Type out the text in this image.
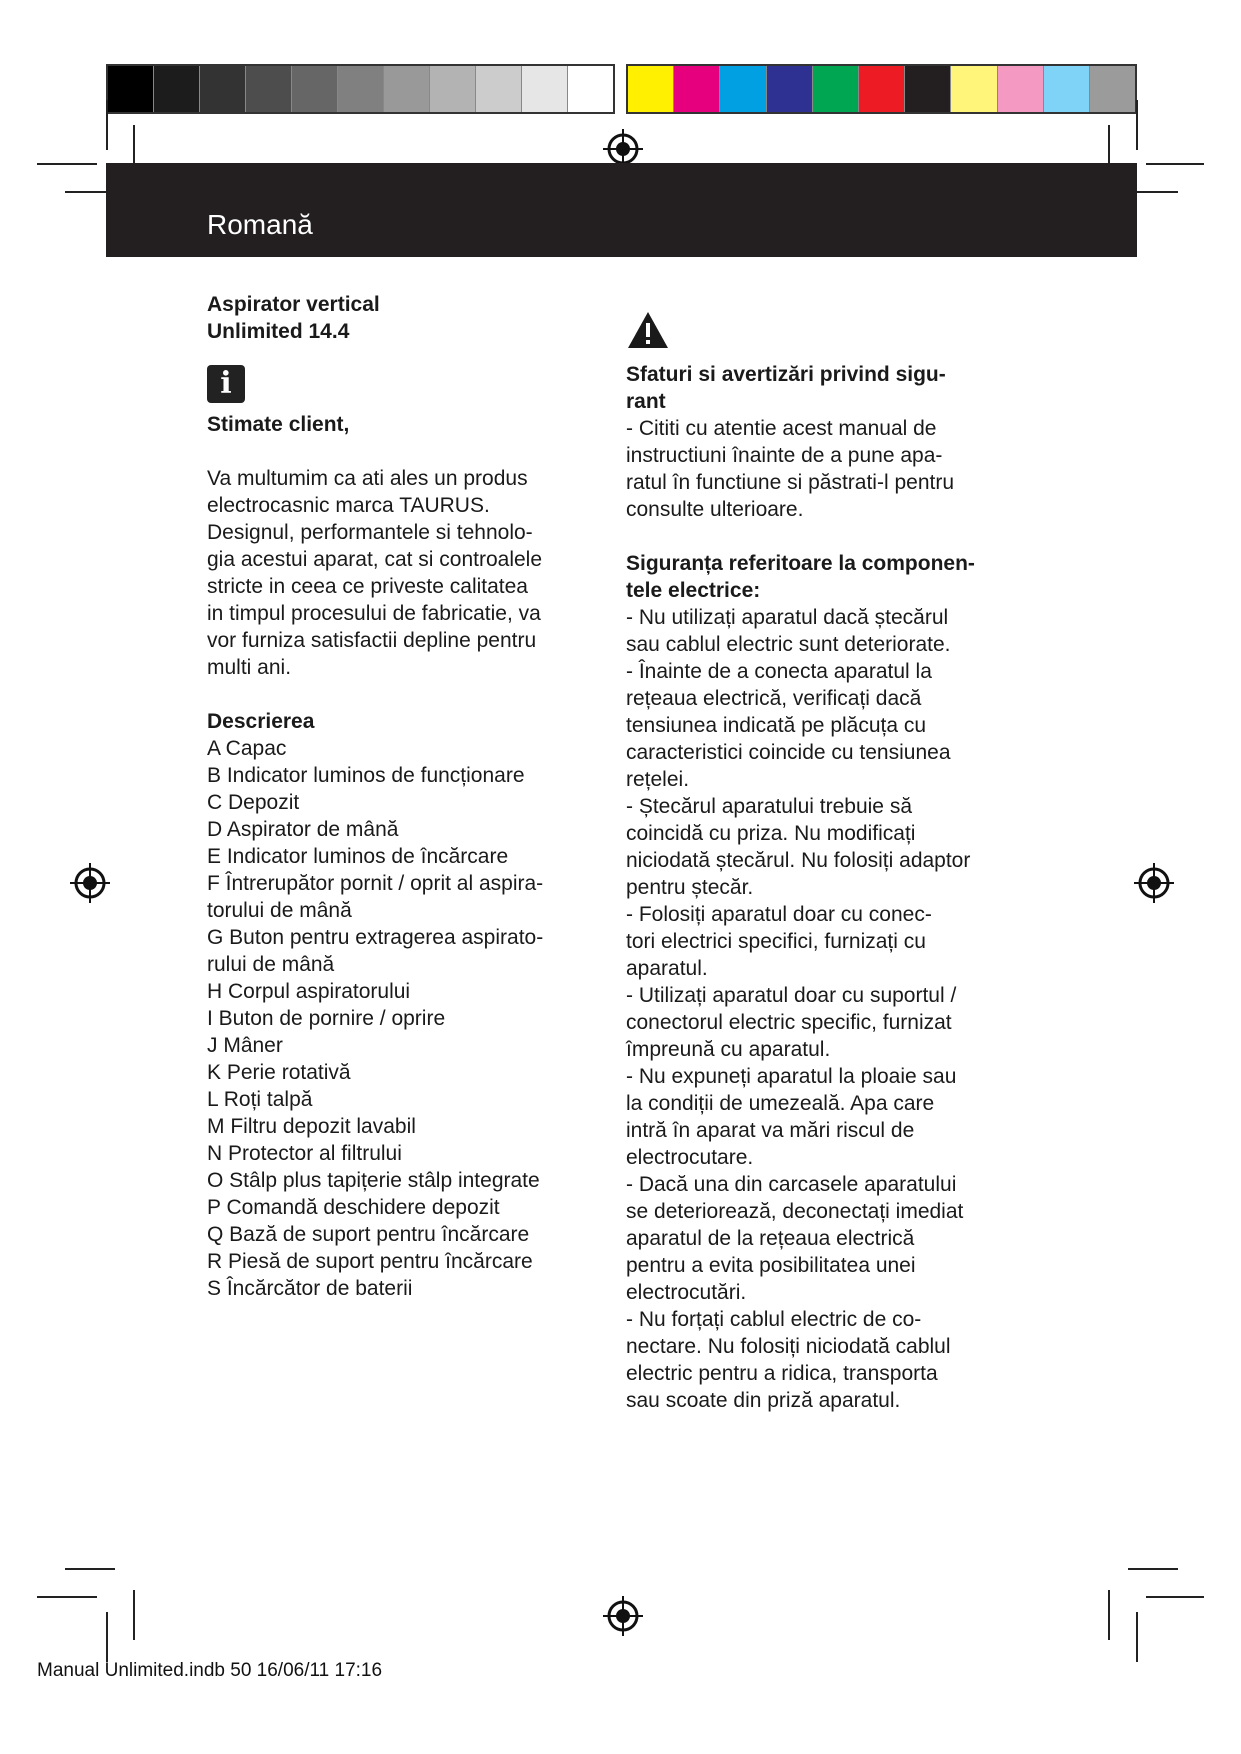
Romană

Aspirator vertical

Unlimited 14.4

i

Stimate client,

Va multumim ca ati ales un produs

electrocasnic marca TAURUS.

Designul, performantele si tehnolo-

gia acestui aparat, cat si controalele

stricte in ceea ce priveste calitatea

in timpul procesului de fabricatie, va

vor furniza satisfactii depline pentru

multi ani.

Descrierea

A Capac

B Indicator luminos de funcționare

C Depozit

D Aspirator de mână

E Indicator luminos de încărcare

F Întrerupător pornit / oprit al aspira-

torului de mână

G Buton pentru extragerea aspirato-

rului de mână

H Corpul aspiratorului

I Buton de pornire / oprire

J Mâner

K Perie rotativă

L Roți talpă

M Filtru depozit lavabil

N Protector al filtrului

O Stâlp plus tapițerie stâlp integrate

P Comandă deschidere depozit

Q Bază de suport pentru încărcare

R Piesă de suport pentru încărcare

S Încărcător de baterii

Sfaturi si avertizări privind sigu-

rant

- Cititi cu atentie acest manual de

instructiuni înainte de a pune apa-

ratul în functiune si păstrati-l pentru

consulte ulterioare.

Siguranța referitoare la componen-

tele electrice:

- Nu utilizați aparatul dacă ștecărul

sau cablul electric sunt deteriorate.

- Înainte de a conecta aparatul la

rețeaua electrică, verificați dacă

tensiunea indicată pe plăcuța cu

caracteristici coincide cu tensiunea

rețelei.

- Ștecărul aparatului trebuie să

coincidă cu priza. Nu modificați

niciodată ștecărul. Nu folosiți adaptor

pentru ștecăr.

- Folosiți aparatul doar cu conec-

tori electrici specifici, furnizați cu

aparatul.

- Utilizați aparatul doar cu suportul /

conectorul electric specific, furnizat

împreună cu aparatul.

- Nu expuneți aparatul la ploaie sau

la condiții de umezeală. Apa care

intră în aparat va mări riscul de

electrocutare.

- Dacă una din carcasele aparatului

se deteriorează, deconectați imediat

aparatul de la rețeaua electrică

pentru a evita posibilitatea unei

electrocutări.

- Nu forțați cablul electric de co-

nectare. Nu folosiți niciodată cablul

electric pentru a ridica, transporta

sau scoate din priză aparatul.

Manual Unlimited.indb 50 16/06/11 17:16
